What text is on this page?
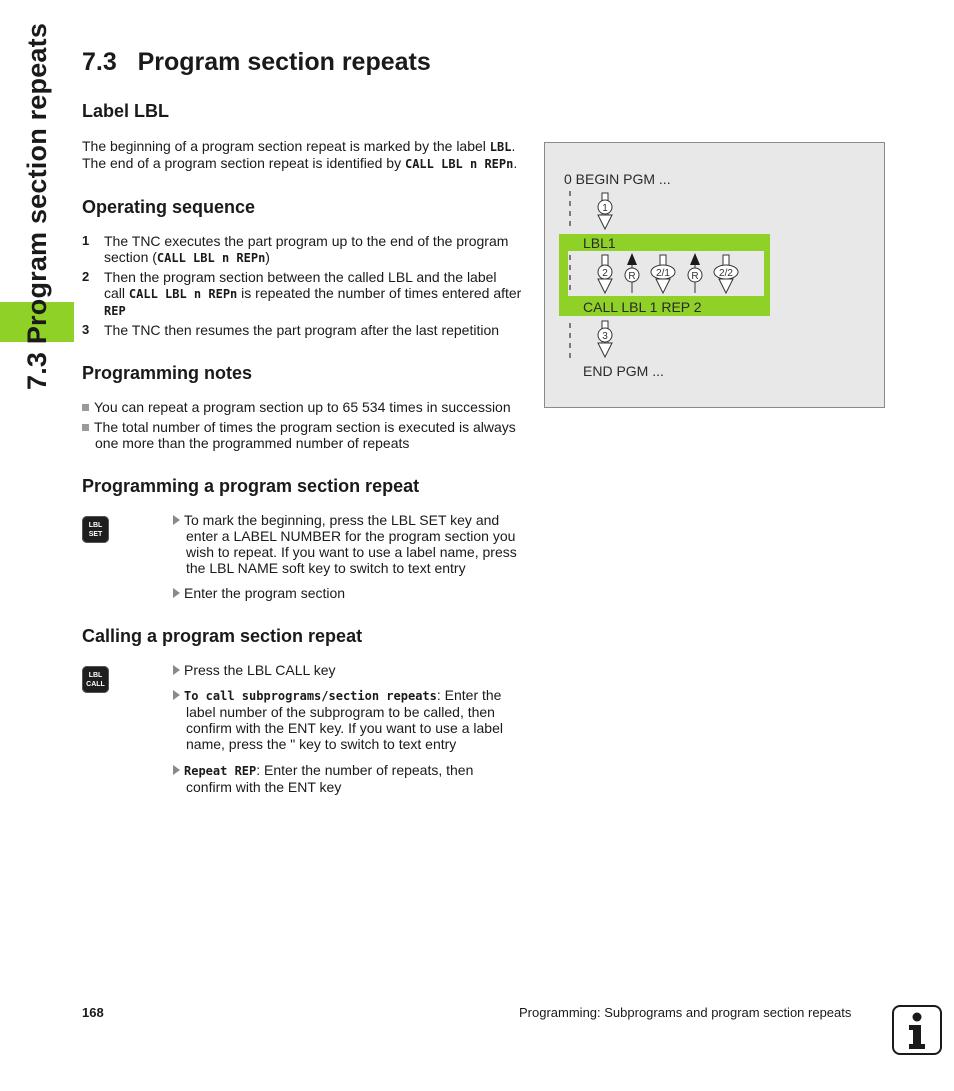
7.3 Program section repeats 7.3   Program section repeats
Label LBL
The beginning of a program section repeat is marked by the label LBL.
The end of a program section repeat is identified by CALL LBL n REPn.
Operating sequence
1 The TNC executes the part program up to the end of the program
section (CALL LBL n REPn)
2 Then the program section between the called LBL and the label
call CALL LBL n REPn is repeated the number of times entered after
REP
3 The TNC then resumes the part program after the last repetition
Programming notes
You can repeat a program section up to 65 534 times in succession
The total number of times the program section is executed is always
one more than the programmed number of repeats
Programming a program section repeat
LBL
SET
To mark the beginning, press the LBL SET key and
enter a LABEL NUMBER for the program section you
wish to repeat. If you want to use a label name, press
the LBL NAME soft key to switch to text entry
Enter the program section
Calling a program section repeat
LBL
CALL
Press the LBL CALL key
To call subprograms/section repeats: Enter the
label number of the subprogram to be called, then
confirm with the ENT key. If you want to use a label
name, press the " key to switch to text entry
Repeat REP: Enter the number of repeats, then
confirm with the ENT key
0 BEGIN PGM ...
LBL1
CALL LBL 1 REP 2
END PGM ...
1
2 R 2/1 R 2/2
3
168	Programming: Subprograms and program section repeats
